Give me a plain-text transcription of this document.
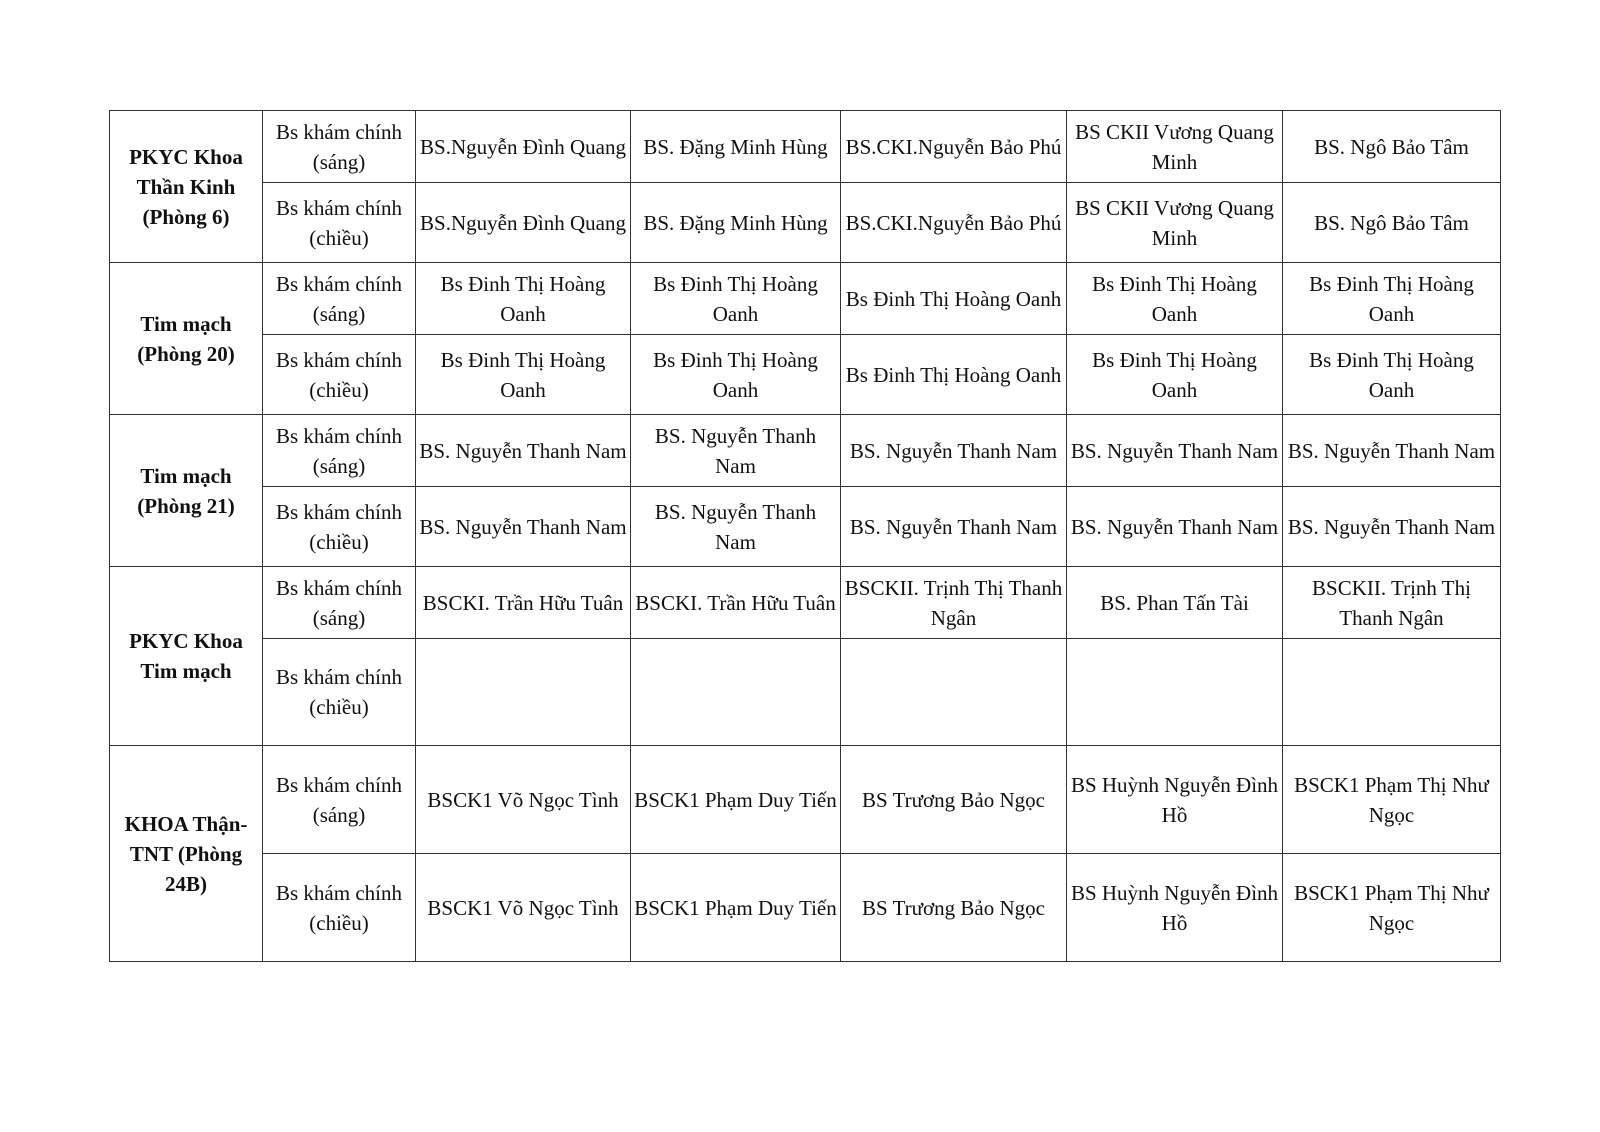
PKYC Khoa Thần Kinh (Phòng 6)	Bs khám chính (sáng)	BS.Nguyễn Đình Quang	BS. Đặng Minh Hùng	BS.CKI.Nguyễn Bảo Phú	BS CKII Vương Quang Minh	BS. Ngô Bảo Tâm
	Bs khám chính (chiều)	BS.Nguyễn Đình Quang	BS. Đặng Minh Hùng	BS.CKI.Nguyễn Bảo Phú	BS CKII Vương Quang Minh	BS. Ngô Bảo Tâm
Tim mạch (Phòng 20)	Bs khám chính (sáng)	Bs Đinh Thị Hoàng Oanh	Bs Đinh Thị Hoàng Oanh	Bs Đinh Thị Hoàng Oanh	Bs Đinh Thị Hoàng Oanh	Bs Đinh Thị Hoàng Oanh
	Bs khám chính (chiều)	Bs Đinh Thị Hoàng Oanh	Bs Đinh Thị Hoàng Oanh	Bs Đinh Thị Hoàng Oanh	Bs Đinh Thị Hoàng Oanh	Bs Đinh Thị Hoàng Oanh
Tim mạch (Phòng 21)	Bs khám chính (sáng)	BS. Nguyễn Thanh Nam	BS. Nguyễn Thanh Nam	BS. Nguyễn Thanh Nam	BS. Nguyễn Thanh Nam	BS. Nguyễn Thanh Nam
	Bs khám chính (chiều)	BS. Nguyễn Thanh Nam	BS. Nguyễn Thanh Nam	BS. Nguyễn Thanh Nam	BS. Nguyễn Thanh Nam	BS. Nguyễn Thanh Nam
PKYC Khoa Tim mạch	Bs khám chính (sáng)	BSCKI. Trần Hữu Tuân	BSCKI. Trần Hữu Tuân	BSCKII. Trịnh Thị Thanh Ngân	BS. Phan Tấn Tài	BSCKII. Trịnh Thị Thanh Ngân
	Bs khám chính (chiều)					
KHOA Thận-TNT (Phòng 24B)	Bs khám chính (sáng)	BSCK1 Võ Ngọc Tình	BSCK1 Phạm Duy Tiến	BS Trương Bảo Ngọc	BS Huỳnh Nguyễn Đình Hồ	BSCK1 Phạm Thị Như Ngọc
	Bs khám chính (chiều)	BSCK1 Võ Ngọc Tình	BSCK1 Phạm Duy Tiến	BS Trương Bảo Ngọc	BS Huỳnh Nguyễn Đình Hồ	BSCK1 Phạm Thị Như Ngọc
